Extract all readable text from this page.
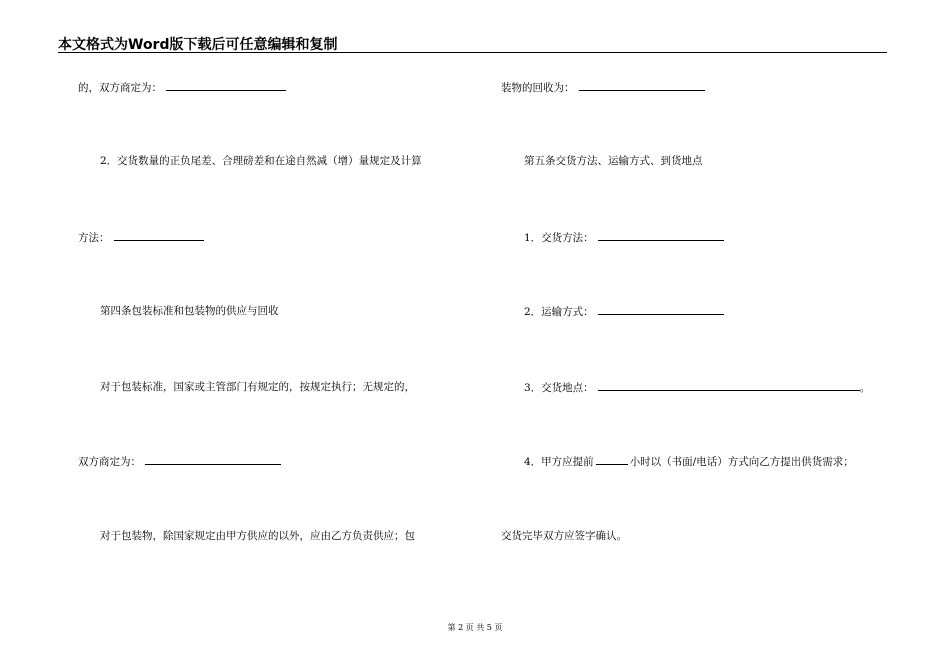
本文格式为Word版下载后可任意编辑和复制
的，双方商定为：
2．交货数量的正负尾差、合理磅差和在途自然减（增）量规定及计算
方法：
第四条包装标准和包装物的供应与回收
对于包装标准，国家或主管部门有规定的，按规定执行；无规定的，
双方商定为：
对于包装物，除国家规定由甲方供应的以外，应由乙方负责供应；包
装物的回收为：
第五条交货方法、运输方式、到货地点
1．交货方法：
2．运输方式：
3．交货地点：	。
4．甲方应提前	小时以（书面/电话）方式向乙方提出供货需求；
交货完毕双方应签字确认。
第 2 页 共 5 页
